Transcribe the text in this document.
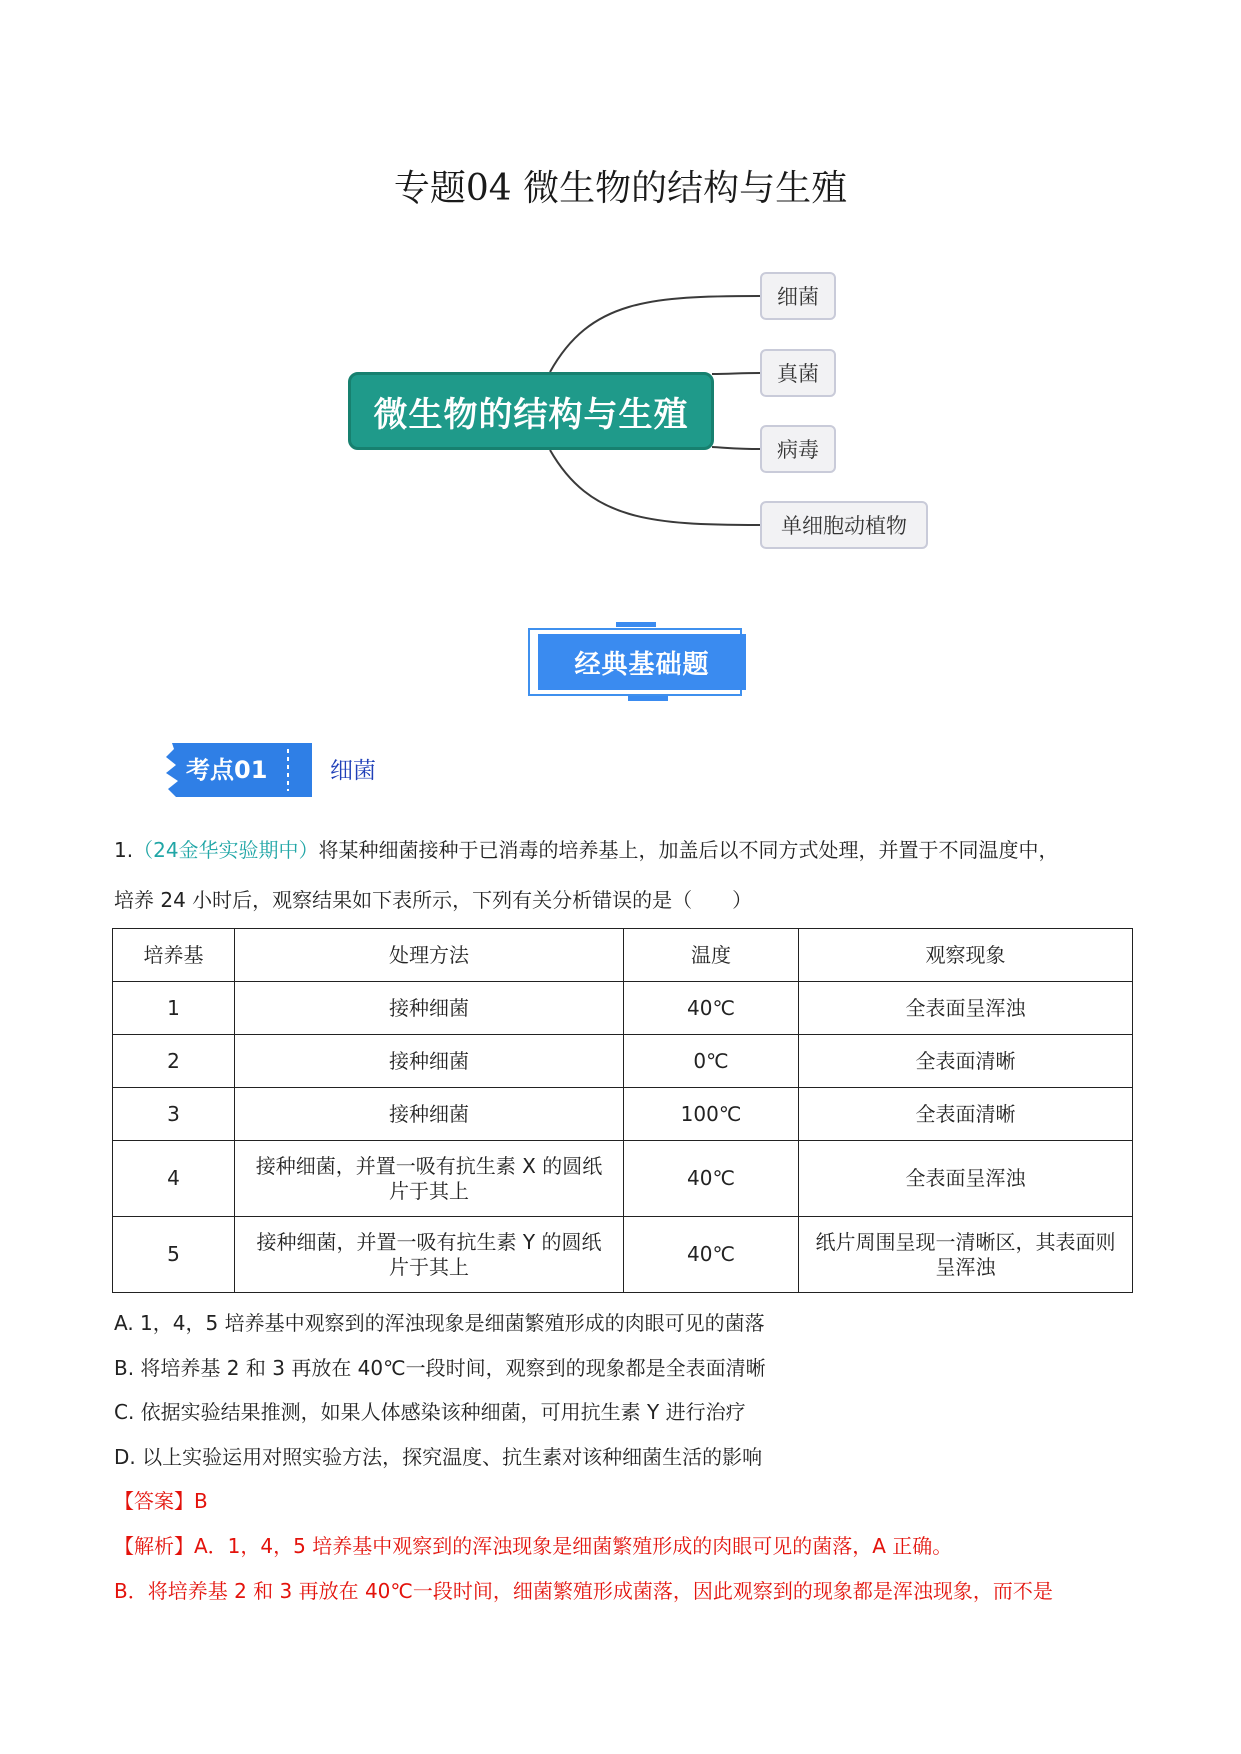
专题04 微生物的结构与生殖
微生物的结构与生殖
细菌
真菌
病毒
单细胞动植物
经典基础题
考点01	细菌
1.（24金华实验期中）将某种细菌接种于已消毒的培养基上，加盖后以不同方式处理，并置于不同温度中，
培养 24 小时后，观察结果如下表所示，下列有关分析错误的是（　　）
培养基	处理方法	温度	观察现象
1	接种细菌	40℃	全表面呈浑浊
2	接种细菌	0℃	全表面清晰
3	接种细菌	100℃	全表面清晰
4	接种细菌，并置一吸有抗生素 X 的圆纸片于其上	40℃	全表面呈浑浊
5	接种细菌，并置一吸有抗生素 Y 的圆纸片于其上	40℃	纸片周围呈现一清晰区，其表面则呈浑浊
A. 1，4，5 培养基中观察到的浑浊现象是细菌繁殖形成的肉眼可见的菌落
B. 将培养基 2 和 3 再放在 40℃一段时间，观察到的现象都是全表面清晰
C. 依据实验结果推测，如果人体感染该种细菌，可用抗生素 Y 进行治疗
D. 以上实验运用对照实验方法，探究温度、抗生素对该种细菌生活的影响
【答案】B
【解析】A．1，4，5 培养基中观察到的浑浊现象是细菌繁殖形成的肉眼可见的菌落，A 正确。
B．将培养基 2 和 3 再放在 40℃一段时间，细菌繁殖形成菌落，因此观察到的现象都是浑浊现象，而不是
